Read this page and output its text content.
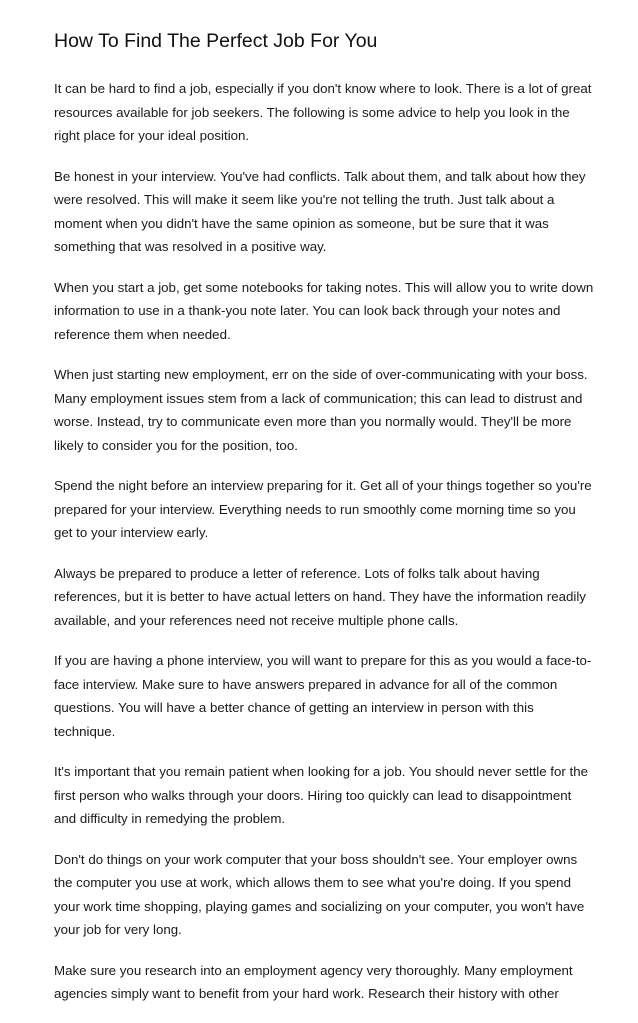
How To Find The Perfect Job For You

It can be hard to find a job, especially if you don't know where to look. There is a lot of great resources available for job seekers. The following is some advice to help you look in the right place for your ideal position.

Be honest in your interview. You've had conflicts. Talk about them, and talk about how they were resolved. This will make it seem like you're not telling the truth. Just talk about a moment when you didn't have the same opinion as someone, but be sure that it was something that was resolved in a positive way.

When you start a job, get some notebooks for taking notes. This will allow you to write down information to use in a thank-you note later. You can look back through your notes and reference them when needed.

When just starting new employment, err on the side of over-communicating with your boss. Many employment issues stem from a lack of communication; this can lead to distrust and worse. Instead, try to communicate even more than you normally would. They'll be more likely to consider you for the position, too.

Spend the night before an interview preparing for it. Get all of your things together so you're prepared for your interview. Everything needs to run smoothly come morning time so you get to your interview early.

Always be prepared to produce a letter of reference. Lots of folks talk about having references, but it is better to have actual letters on hand. They have the information readily available, and your references need not receive multiple phone calls.

If you are having a phone interview, you will want to prepare for this as you would a face-to-face interview. Make sure to have answers prepared in advance for all of the common questions. You will have a better chance of getting an interview in person with this technique.

It's important that you remain patient when looking for a job. You should never settle for the first person who walks through your doors. Hiring too quickly can lead to disappointment and difficulty in remedying the problem.

Don't do things on your work computer that your boss shouldn't see. Your employer owns the computer you use at work, which allows them to see what you're doing. If you spend your work time shopping, playing games and socializing on your computer, you won't have your job for very long.

Make sure you research into an employment agency very thoroughly. Many employment agencies simply want to benefit from your hard work. Research their history with other
